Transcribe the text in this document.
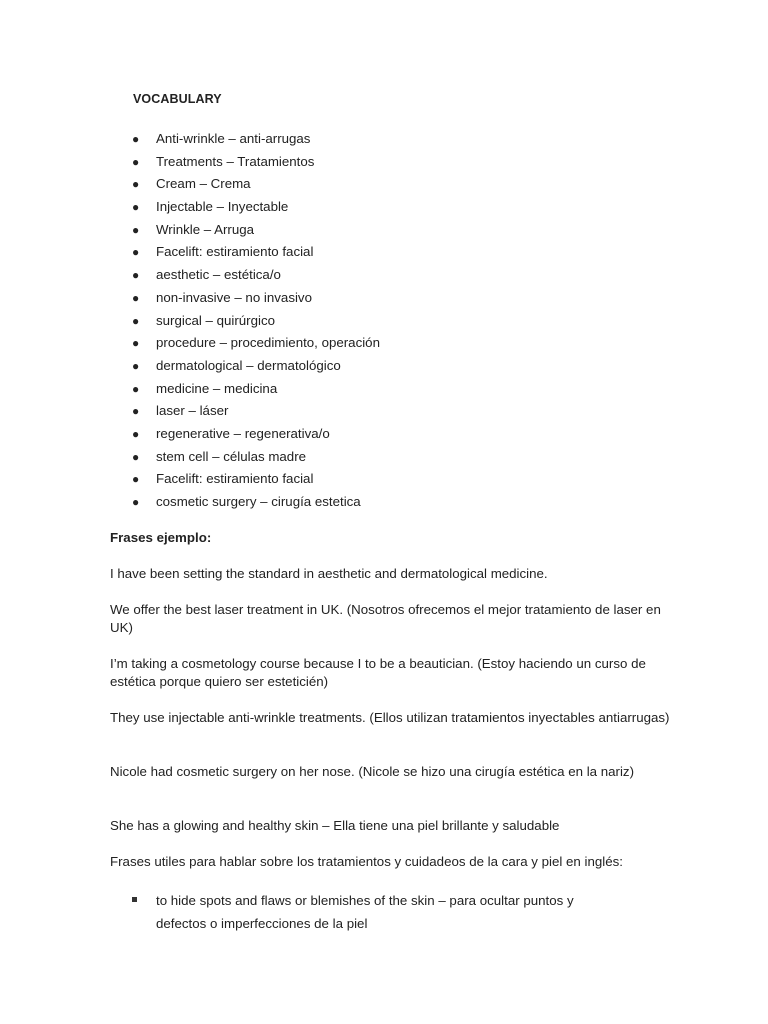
VOCABULARY
● Anti-wrinkle – anti-arrugas
● Treatments – Tratamientos
● Cream – Crema
● Injectable – Inyectable
● Wrinkle – Arruga
● Facelift: estiramiento facial
● aesthetic – estética/o
● non-invasive – no invasivo
● surgical – quirúrgico
● procedure – procedimiento, operación
● dermatological – dermatológico
● medicine – medicina
● laser – láser
● regenerative – regenerativa/o
● stem cell – células madre
● Facelift: estiramiento facial
● cosmetic surgery – cirugía estetica

Frases ejemplo:

I have been setting the standard in aesthetic and dermatological medicine.

We offer the best laser treatment in UK. (Nosotros ofrecemos el mejor tratamiento de laser en UK)

I’m taking a cosmetology course because I to be a beautician. (Estoy haciendo un curso de estética porque quiero ser esteticién)

They use injectable anti-wrinkle treatments. (Ellos utilizan tratamientos inyectables antiarrugas)

Nicole had cosmetic surgery on her nose. (Nicole se hizo una cirugía estética en la nariz)

She has a glowing and healthy skin – Ella tiene una piel brillante y saludable

Frases utiles para hablar sobre los tratamientos y cuidadeos de la cara y piel en inglés:

to hide spots and flaws or blemishes of the skin – para ocultar puntos y defectos o imperfecciones de la piel
